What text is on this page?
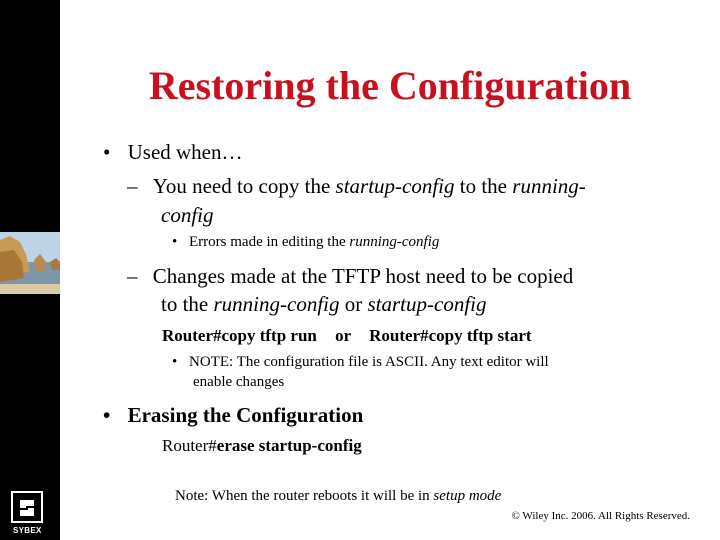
SYBEX
Restoring the Configuration
• Used when…
– You need to copy the startup-config to the running-
config
• Errors made in editing the running-config
– Changes made at the TFTP host need to be copied
to the running-config or startup-config
Router#copy tftp run or Router#copy tftp start
• NOTE: The configuration file is ASCII. Any text editor will
enable changes
• Erasing the Configuration
Router#erase startup-config
Note: When the router reboots it will be in setup mode
© Wiley Inc. 2006. All Rights Reserved.
